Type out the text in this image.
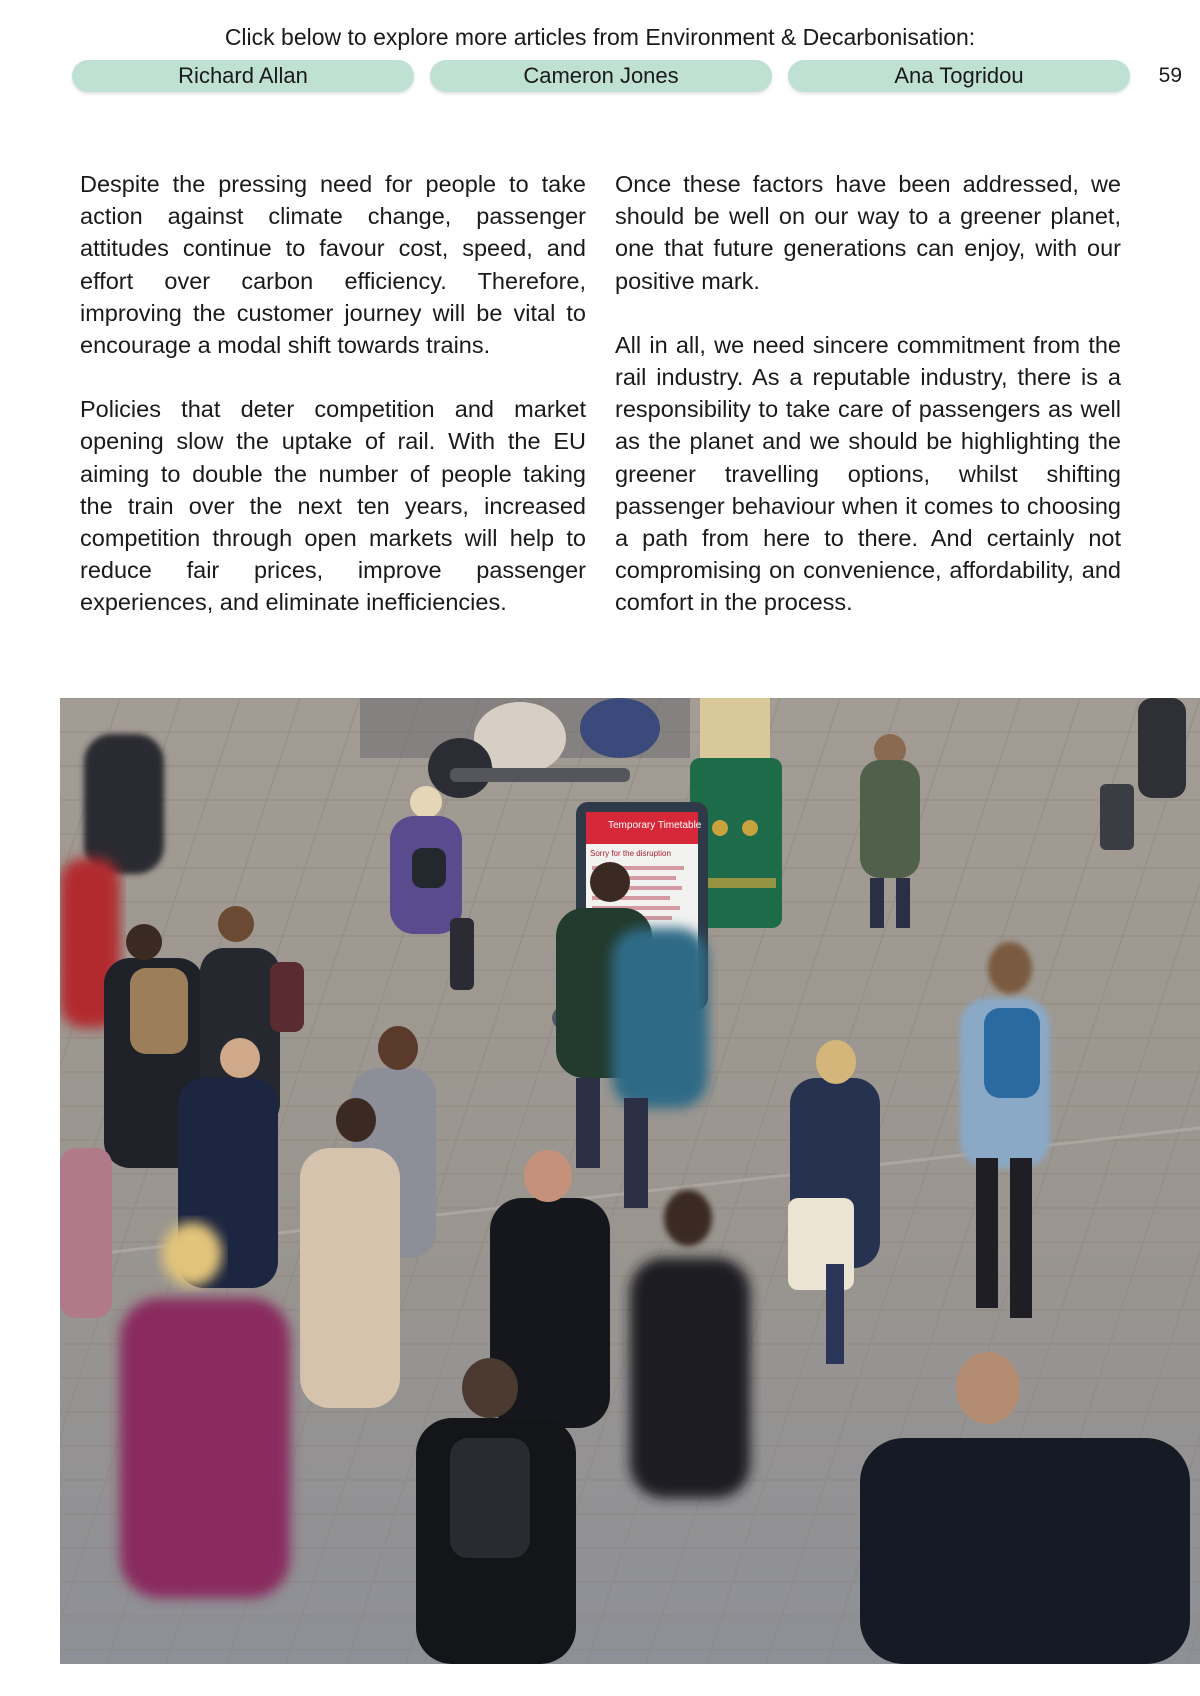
Click below to explore more articles from Environment & Decarbonisation:
Richard Allan	Cameron Jones	Ana Togridou	59

Despite the pressing need for people to take action against climate change, passenger attitudes continue to favour cost, speed, and effort over carbon efficiency. Therefore, improving the customer journey will be vital to encourage a modal shift towards trains.

Policies that deter competition and market opening slow the uptake of rail. With the EU aiming to double the number of people taking the train over the next ten years, increased competition through open markets will help to reduce fair prices, improve passenger experiences, and eliminate inefficiencies.

Once these factors have been addressed, we should be well on our way to a greener planet, one that future generations can enjoy, with our positive mark.

All in all, we need sincere commitment from the rail industry. As a reputable industry, there is a responsibility to take care of passengers as well as the planet and we should be highlighting the greener travelling options, whilst shifting passenger behaviour when it comes to choosing a path from here to there. And certainly not compromising on convenience, affordability, and comfort in the process.

Temporary Timetable
Sorry for the disruption
